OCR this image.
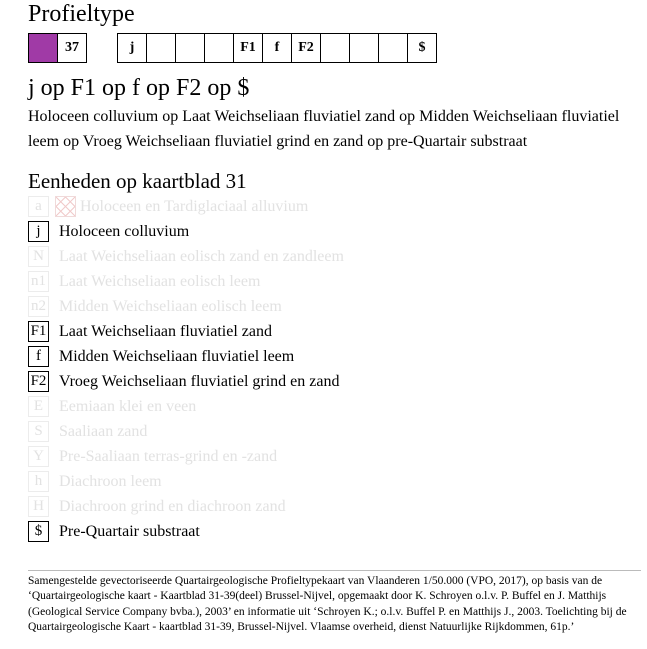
Profieltype
37	j	F1	f	F2	$
j op F1 op f op F2 op $
Holoceen colluvium op Laat Weichseliaan fluviatiel zand op Midden Weichseliaan fluviatiel leem op Vroeg Weichseliaan fluviatiel grind en zand op pre-Quartair substraat
Eenheden op kaartblad 31
a	Holoceen en Tardiglaciaal alluvium
j	Holoceen colluvium
N Laat Weichseliaan eolisch zand en zandleem
n1 Laat Weichseliaan eolisch leem
n2 Midden Weichseliaan eolisch leem
F1 Laat Weichseliaan fluviatiel zand
f	Midden Weichseliaan fluviatiel leem
F2 Vroeg Weichseliaan fluviatiel grind en zand
E Eemiaan klei en veen
S	Saaliaan zand
Y Pre-Saaliaan terras-grind en -zand
h	Diachroon leem
H Diachroon grind en diachroon zand
$	Pre-Quartair substraat
Samengestelde gevectoriseerde Quartairgeologische Profieltypekaart van Vlaanderen 1/50.000 (VPO, 2017), op basis van de ‘Quartairgeologische kaart - Kaartblad 31-39(deel) Brussel-Nijvel, opgemaakt door K. Schroyen o.l.v. P. Buffel en J. Matthijs (Geological Service Company bvba.), 2003’ en informatie uit ‘Schroyen K.; o.l.v. Buffel P. en Matthijs J., 2003. Toelichting bij de Quartairgeologische Kaart - kaartblad 31-39, Brussel-Nijvel. Vlaamse overheid, dienst Natuurlijke Rijkdommen, 61p.’
